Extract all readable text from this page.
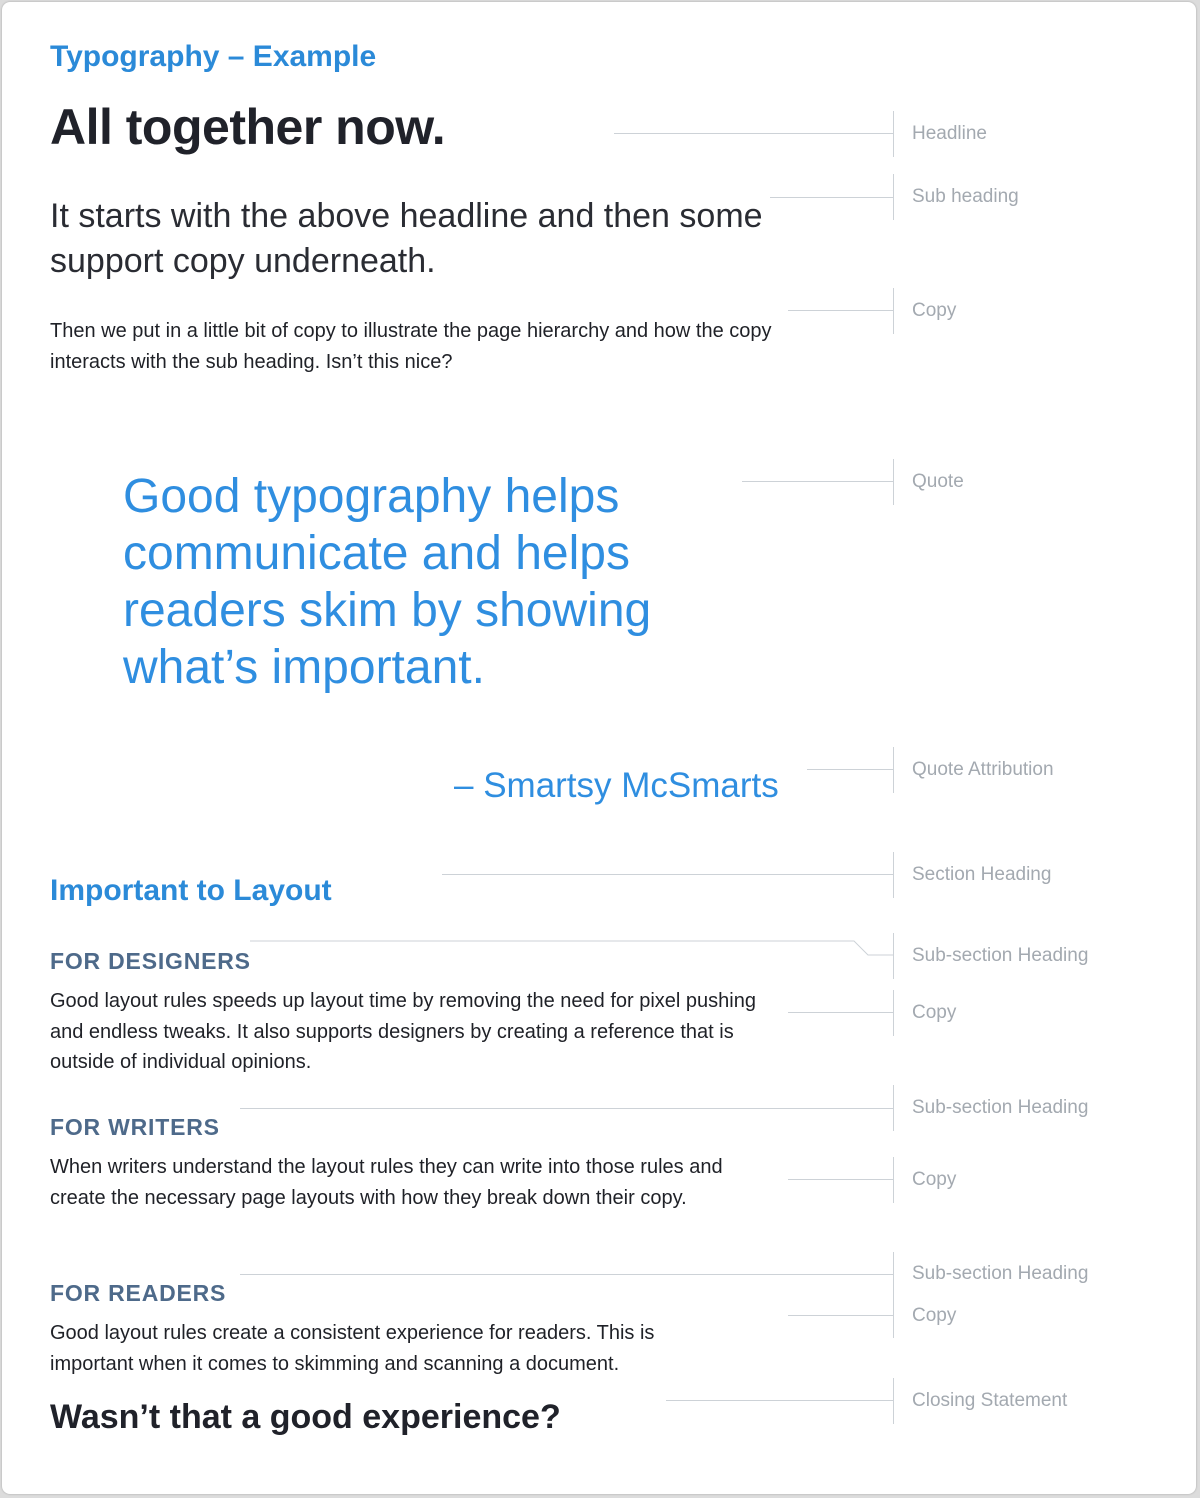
Typography – Example
All together now.
It starts with the above headline and then some support copy underneath.

Then we put in a little bit of copy to illustrate the page hierarchy and how the copy interacts with the sub heading. Isn’t this nice?

Good typography helps communicate and helps readers skim by showing what’s important.
– Smartsy McSmarts
Important to Layout
FOR DESIGNERS

Good layout rules speeds up layout time by removing the need for pixel pushing and endless tweaks. It also supports designers by creating a reference that is outside of individual opinions.

FOR WRITERS

When writers understand the layout rules they can write into those rules and create the necessary page layouts with how they break down their copy.

FOR READERS

Good layout rules create a consistent experience for readers. This is important when it comes to skimming and scanning a document.

Wasn’t that a good experience?
Headline
Sub heading
Copy
Quote
Quote Attribution
Section Heading
Sub-section Heading
Copy
Sub-section Heading
Copy
Sub-section Heading
Copy
Closing Statement
